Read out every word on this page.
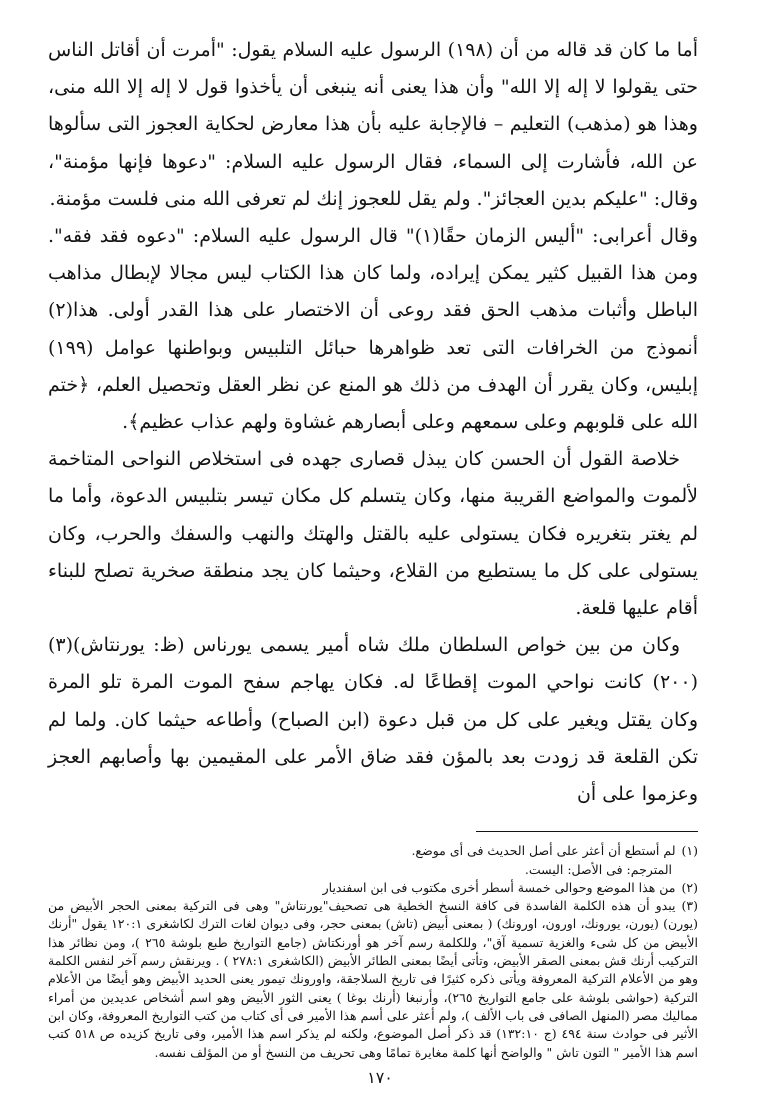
أما ما كان قد قاله من أن (١٩٨) الرسول عليه السلام يقول: "أمرت أن أقاتل الناس حتى يقولوا لا إله إلا الله" وأن هذا يعنى أنه ينبغى أن يأخذوا قول لا إله إلا الله منى، وهذا هو (مذهب) التعليم – فالإجابة عليه بأن هذا معارض لحكاية العجوز التى سألوها عن الله، فأشارت إلى السماء، فقال الرسول عليه السلام: "دعوها فإنها مؤمنة"، وقال: "عليكم بدين العجائز". ولم يقل للعجوز إنك لم تعرفى الله منى فلست مؤمنة.

وقال أعرابى: "أليس الزمان حقًا(١)" قال الرسول عليه السلام: "دعوه فقد فقه". ومن هذا القبيل كثير يمكن إيراده، ولما كان هذا الكتاب ليس مجالا لإبطال مذاهب الباطل وأثبات مذهب الحق فقد روعى أن الاختصار على هذا القدر أولى. هذا(٢) أنموذج من الخرافات التى تعد ظواهرها حبائل التلبيس وبواطنها عوامل (١٩٩) إبليس، وكان يقرر أن الهدف من ذلك هو المنع عن نظر العقل وتحصيل العلم، ﴿ختم الله على قلوبهم وعلى سمعهم وعلى أبصارهم غشاوة ولهم عذاب عظيم﴾.

خلاصة القول أن الحسن كان يبذل قصارى جهده فى استخلاص النواحى المتاخمة لألموت والمواضع القريبة منها، وكان يتسلم كل مكان تيسر بتلبيس الدعوة، وأما ما لم يغتر بتغريره فكان يستولى عليه بالقتل والهتك والنهب والسفك والحرب، وكان يستولى على كل ما يستطيع من القلاع، وحيثما كان يجد منطقة صخرية تصلح للبناء أقام عليها قلعة.

وكان من بين خواص السلطان ملك شاه أمير يسمى يورناس (ظ: يورنتاش)(٣) (٢٠٠) كانت نواحي الموت إقطاعًا له. فكان يهاجم سفح الموت المرة تلو المرة وكان يقتل ويغير على كل من قبل دعوة (ابن الصباح) وأطاعه حيثما كان. ولما لم تكن القلعة قد زودت بعد بالمؤن فقد ضاق الأمر على المقيمين بها وأصابهم العجز وعزموا على أن

(١)لم أستطع أن أعثر على أصل الحديث فى أى موضع.

المترجم: فى الأصل: اليست.

(٢)من هذا الموضع وحوالى خمسة أسطر أخرى مكتوب فى ابن اسفنديار

(٣)يبدو أن هذه الكلمة الفاسدة فى كافة النسخ الخطية هى تصحيف"يورنتاش" وهى فى التركية بمعنى الحجر الأبيض من (يورن) (يورن، يورونك، اورون، اورونك) ( بمعنى أبيض (تاش) بمعنى حجر، وفى ديوان لغات الترك لكاشغرى ١٢٠:١ يقول "أرنك الأبيض من كل شىء والغزية تسمية آق"، وللكلمة رسم آخر هو أورنكتاش (جامع التواريخ طبع بلوشة ٢٦٥ )، ومن نظائر هذا التركيب أرنك قش بمعنى الصقر الأبيض، وتأتى أيضًا بمعنى الطائر الأبيض (الكاشغرى ٢٧٨:١ ) . ويرنقش رسم آخر لنفس الكلمة وهو من الأعلام التركية المعروفة ويأتى ذكره كثيرًا فى تاريخ السلاجقة، واورونك تيمور يعنى الحديد الأبيض وهو أيضًا من الأعلام التركية (حواشى بلوشة على جامع التواريخ ٢٦٥)، وأرنبغا (أرنك بوغا ) يعنى الثور الأبيض وهو اسم أشخاص عديدين من أمراء مماليك مصر (المنهل الصافى فى باب الألف )، ولم أعثر على أسم هذا الأمير فى أى كتاب من كتب التواريخ المعروفة، وكان ابن الأثير فى حوادث سنة ٤٩٤ (ج ١٣٢:١٠) قد ذكر أصل الموضوع، ولكنه لم يذكر اسم هذا الأمير، وفى تاريخ كزيده ص ٥١٨ كتب اسم هذا الأمير " التون تاش " والواضح أنها كلمة مغايرة تمامًا وهى تحريف من النسخ أو من المؤلف نفسه.

١٧٠
